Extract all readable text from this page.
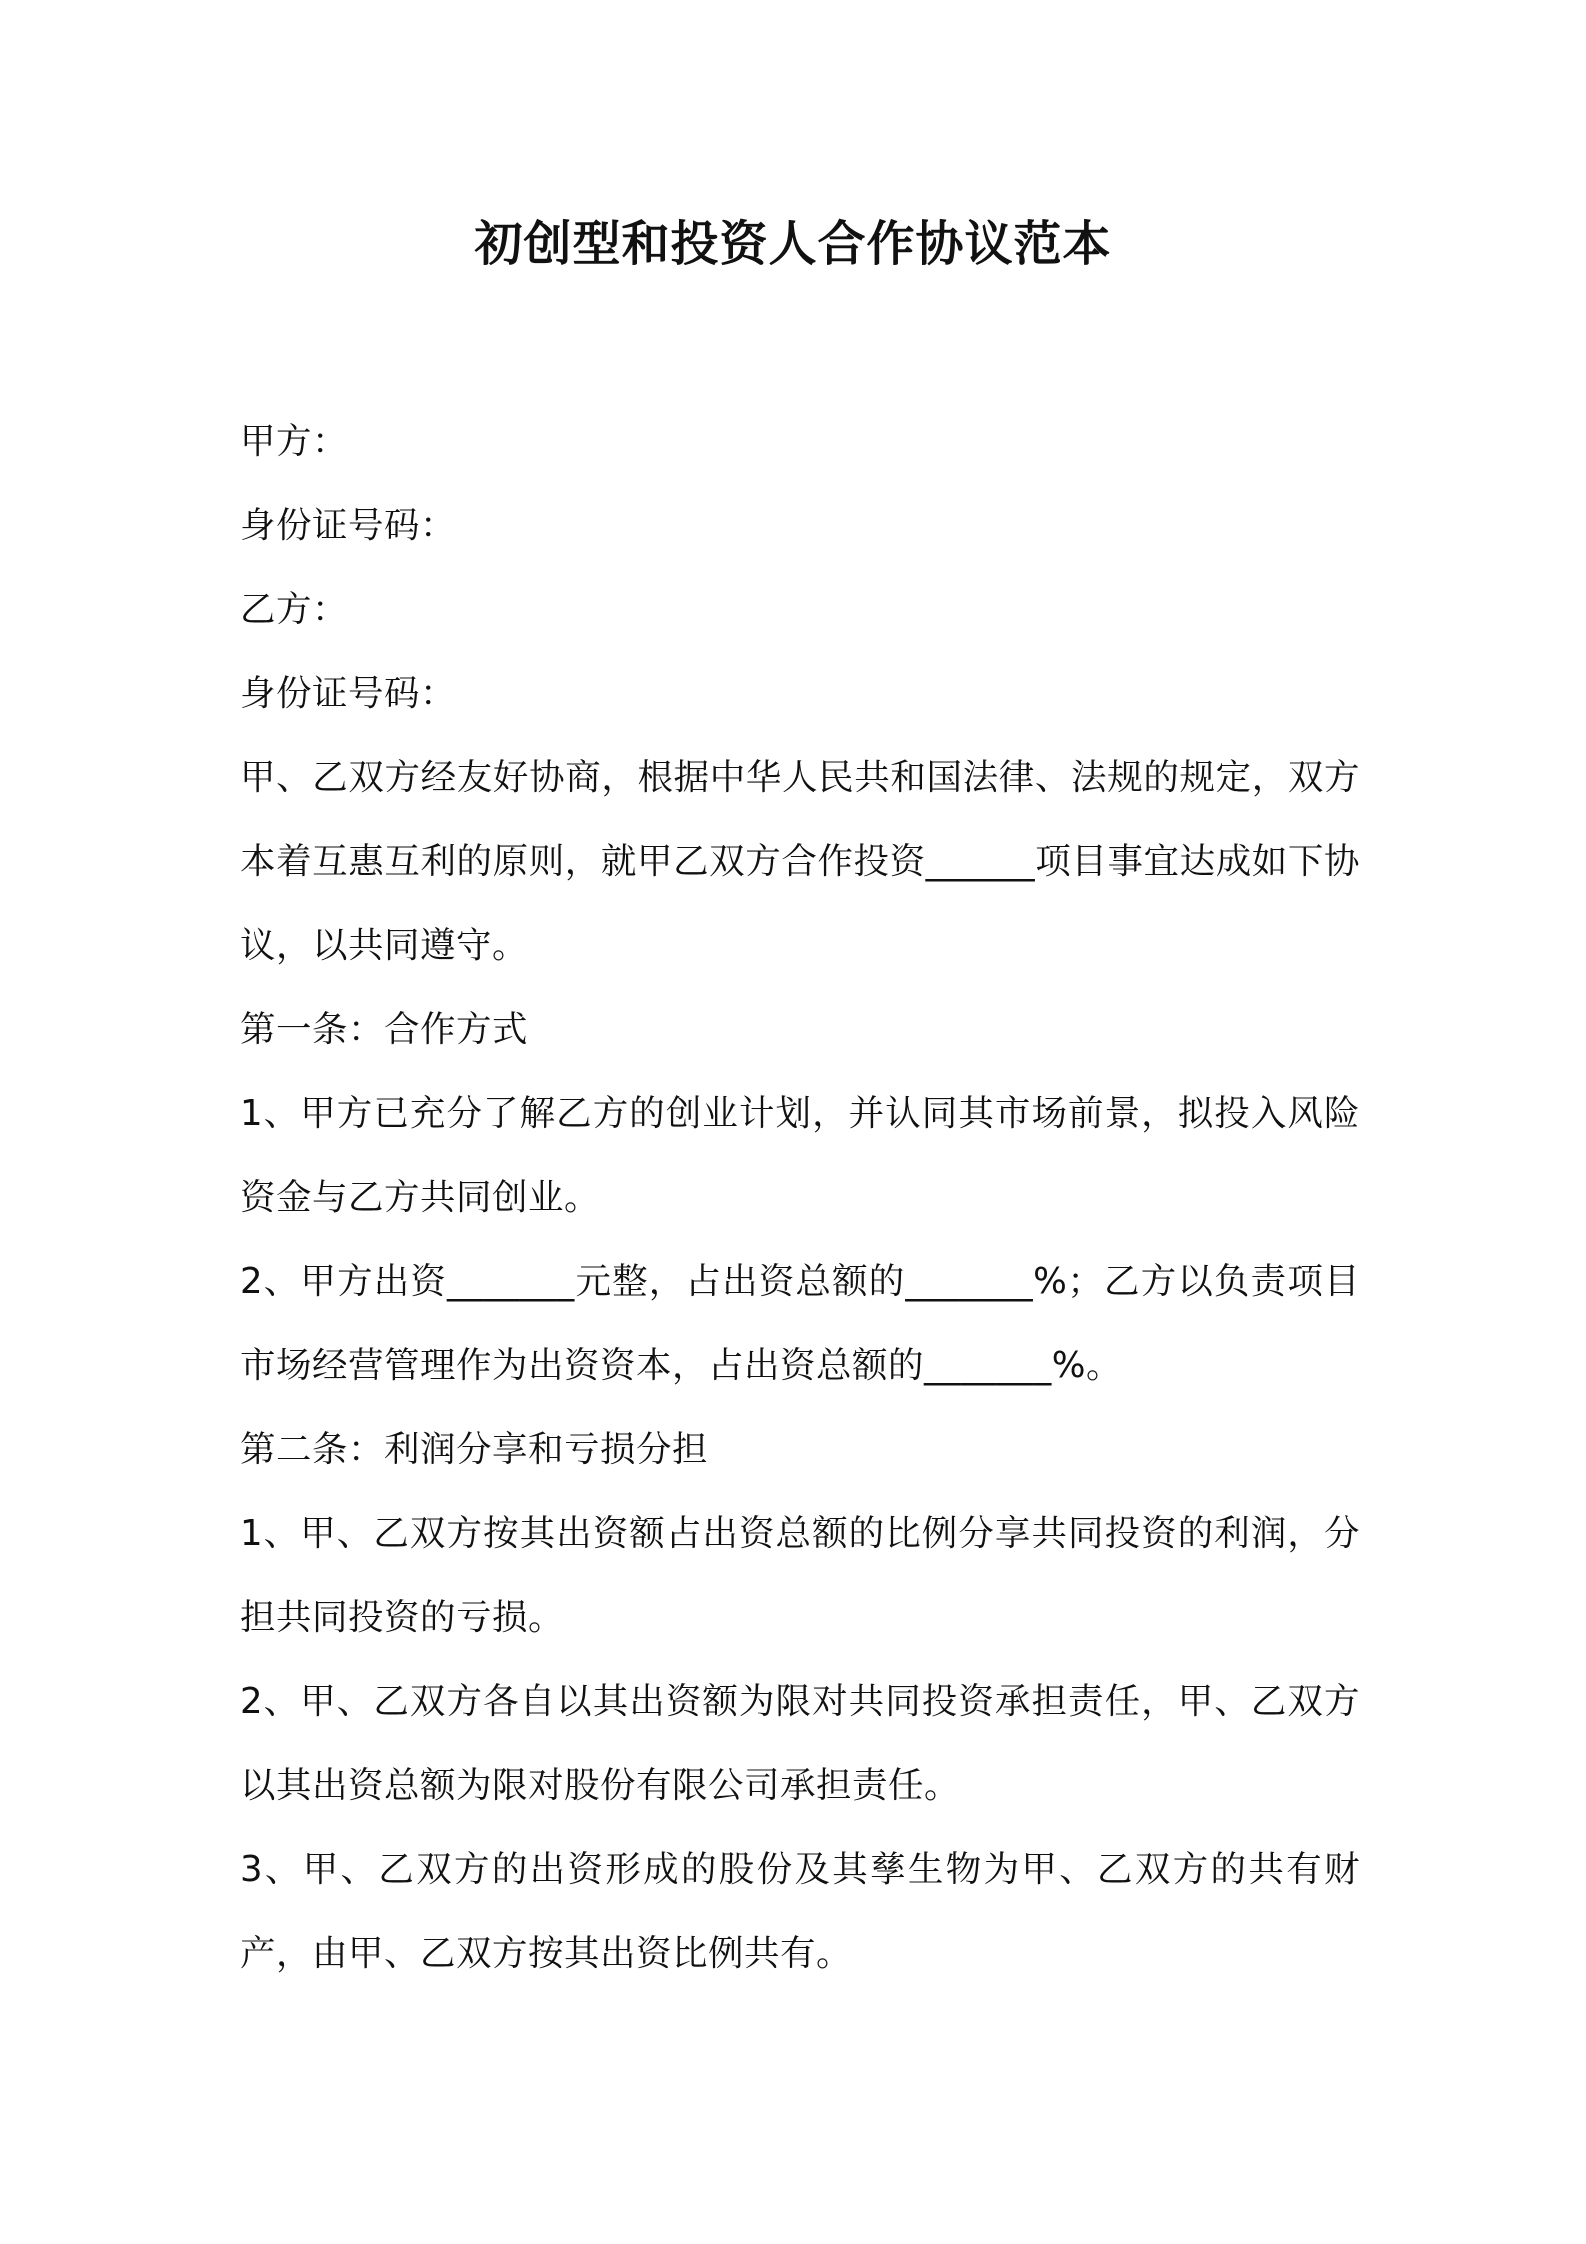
初创型和投资人合作协议范本

甲方：

身份证号码：

乙方：

身份证号码：

甲、乙双方经友好协商，根据中华人民共和国法律、法规的规定，双方本着互惠互利的原则，就甲乙双方合作投资______项目事宜达成如下协议，以共同遵守。

第一条：合作方式

1、甲方已充分了解乙方的创业计划，并认同其市场前景，拟投入风险资金与乙方共同创业。

2、甲方出资_______元整，占出资总额的_______%；乙方以负责项目市场经营管理作为出资资本，占出资总额的_______%。

第二条：利润分享和亏损分担

1、甲、乙双方按其出资额占出资总额的比例分享共同投资的利润，分担共同投资的亏损。

2、甲、乙双方各自以其出资额为限对共同投资承担责任，甲、乙双方以其出资总额为限对股份有限公司承担责任。

3、甲、乙双方的出资形成的股份及其孳生物为甲、乙双方的共有财产，由甲、乙双方按其出资比例共有。
